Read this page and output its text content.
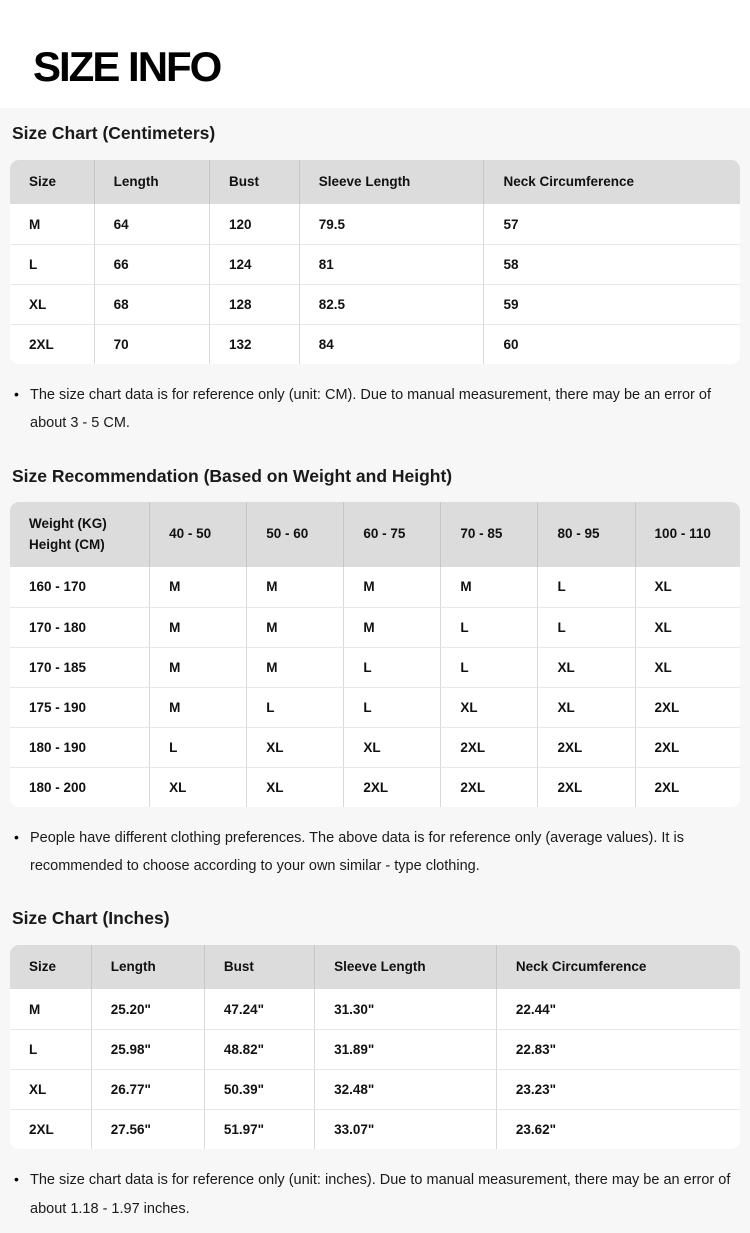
SIZE INFO
Size Chart (Centimeters)
Size	Length	Bust	Sleeve Length	Neck Circumference
M	64	120	79.5	57
L	66	124	81	58
XL	68	128	82.5	59
2XL	70	132	84	60
• The size chart data is for reference only (unit: CM). Due to manual measurement, there may be an error of about 3 - 5 CM.
Size Recommendation (Based on Weight and Height)
Weight (KG)
Height (CM)	40 - 50	50 - 60	60 - 75	70 - 85	80 - 95	100 - 110
160 - 170	M	M	M	M	L	XL
170 - 180	M	M	M	L	L	XL
170 - 185	M	M	L	L	XL	XL
175 - 190	M	L	L	XL	XL	2XL
180 - 190	L	XL	XL	2XL	2XL	2XL
180 - 200	XL	XL	2XL	2XL	2XL	2XL
• People have different clothing preferences. The above data is for reference only (average values). It is recommended to choose according to your own similar - type clothing.
Size Chart (Inches)
Size	Length	Bust	Sleeve Length	Neck Circumference
M	25.20"	47.24"	31.30"	22.44"
L	25.98"	48.82"	31.89"	22.83"
XL	26.77"	50.39"	32.48"	23.23"
2XL	27.56"	51.97"	33.07"	23.62"
• The size chart data is for reference only (unit: inches). Due to manual measurement, there may be an error of about 1.18 - 1.97 inches.
